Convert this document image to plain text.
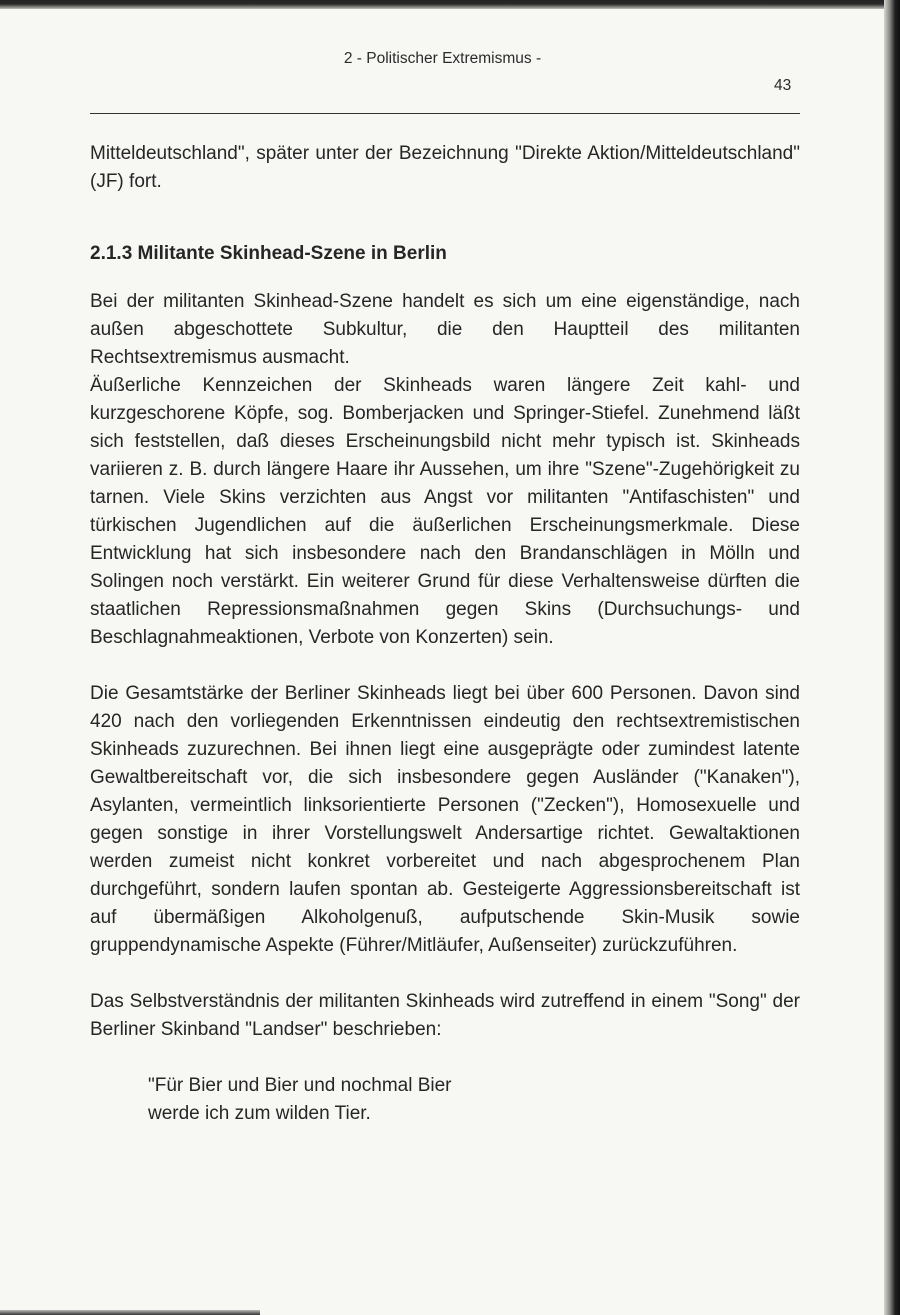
2 - Politischer Extremismus -
43

Mitteldeutschland", später unter der Bezeichnung "Direkte Aktion/Mitteldeutschland" (JF) fort.

2.1.3 Militante Skinhead-Szene in Berlin

Bei der militanten Skinhead-Szene handelt es sich um eine eigenständige, nach außen abgeschottete Subkultur, die den Hauptteil des militanten Rechtsextremismus ausmacht.

Äußerliche Kennzeichen der Skinheads waren längere Zeit kahl- und kurzgeschorene Köpfe, sog. Bomberjacken und Springer-Stiefel. Zunehmend läßt sich feststellen, daß dieses Erscheinungsbild nicht mehr typisch ist. Skinheads variieren z. B. durch längere Haare ihr Aussehen, um ihre "Szene"-Zugehörigkeit zu tarnen. Viele Skins verzichten aus Angst vor militanten "Antifaschisten" und türkischen Jugendlichen auf die äußerlichen Erscheinungsmerkmale. Diese Entwicklung hat sich insbesondere nach den Brandanschlägen in Mölln und Solingen noch verstärkt. Ein weiterer Grund für diese Verhaltensweise dürften die staatlichen Repressionsmaßnahmen gegen Skins (Durchsuchungs- und Beschlagnahmeaktionen, Verbote von Konzerten) sein.

Die Gesamtstärke der Berliner Skinheads liegt bei über 600 Personen. Davon sind 420 nach den vorliegenden Erkenntnissen eindeutig den rechtsextremistischen Skinheads zuzurechnen. Bei ihnen liegt eine ausgeprägte oder zumindest latente Gewaltbereitschaft vor, die sich insbesondere gegen Ausländer ("Kanaken"), Asylanten, vermeintlich linksorientierte Personen ("Zecken"), Homosexuelle und gegen sonstige in ihrer Vorstellungswelt Andersartige richtet. Gewaltaktionen werden zumeist nicht konkret vorbereitet und nach abgesprochenem Plan durchgeführt, sondern laufen spontan ab. Gesteigerte Aggressionsbereitschaft ist auf übermäßigen Alkoholgenuß, aufputschende Skin-Musik sowie gruppendynamische Aspekte (Führer/Mitläufer, Außenseiter) zurückzuführen.

Das Selbstverständnis der militanten Skinheads wird zutreffend in einem "Song" der Berliner Skinband "Landser" beschrieben:

"Für Bier und Bier und nochmal Bier
werde ich zum wilden Tier.
